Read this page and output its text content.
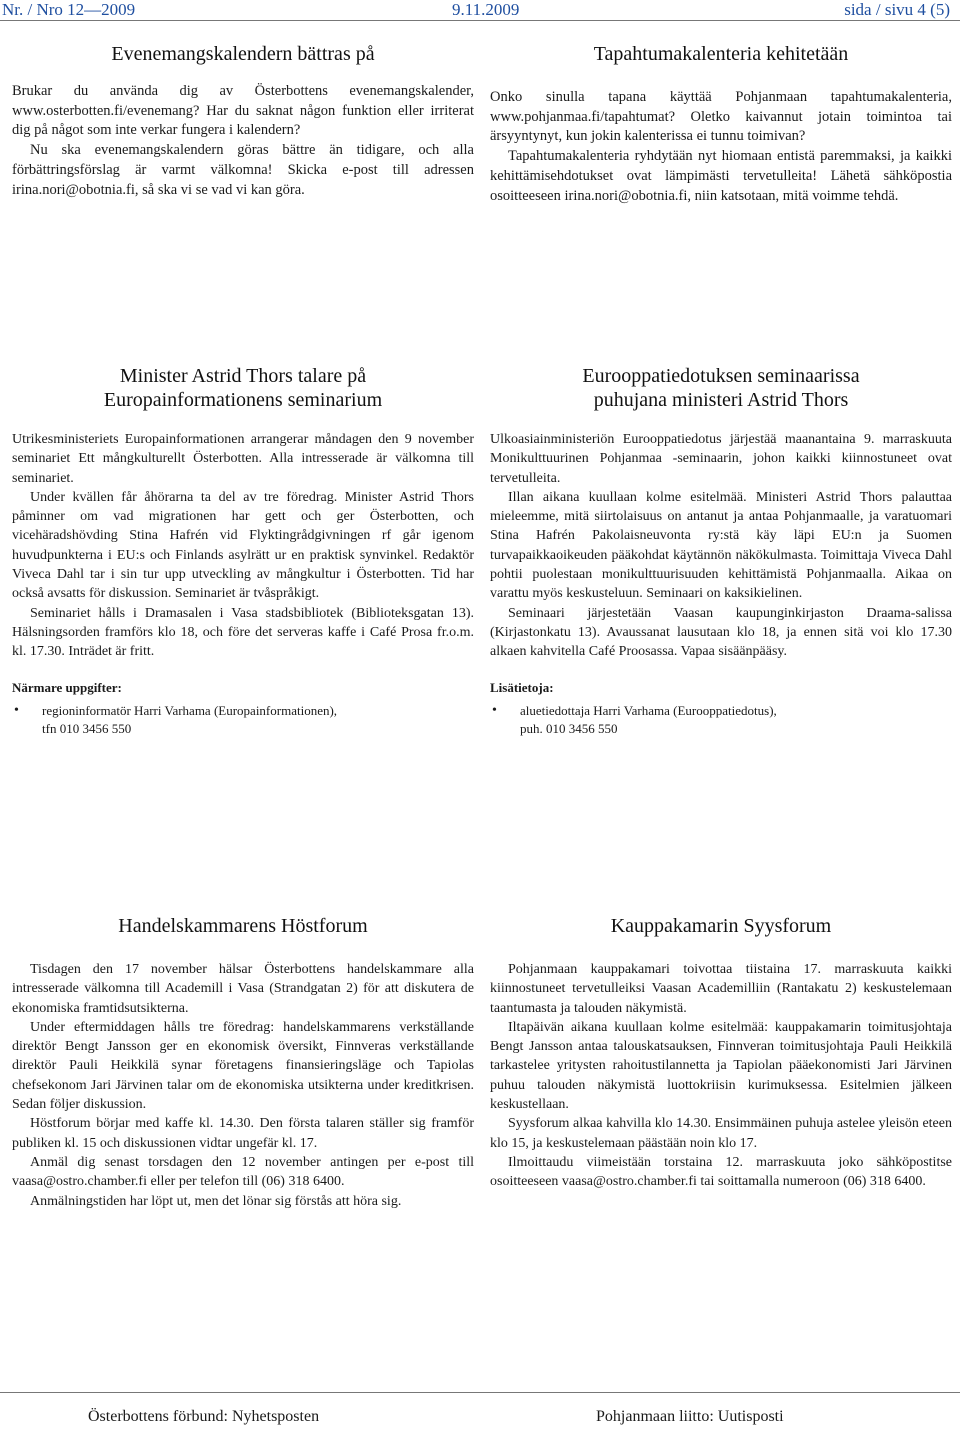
Nr. / Nro 12—2009	9.11.2009	sida / sivu 4 (5)
Evenemangskalendern bättras på

Brukar du använda dig av Österbottens evenemangskalender, www.osterbotten.fi/evenemang? Har du saknat någon funktion eller irriterat dig på något som inte verkar fungera i kalendern?

Nu ska evenemangskalendern göras bättre än tidigare, och alla förbättringsförslag är varmt välkomna! Skicka e-post till adressen irina.nori@obotnia.fi, så ska vi se vad vi kan göra.

Tapahtumakalenteria kehitetään

Onko sinulla tapana käyttää Pohjanmaan tapahtumakalenteria, www.pohjanmaa.fi/tapahtumat? Oletko kaivannut jotain toimintoa tai ärsyyntynyt, kun jokin kalenterissa ei tunnu toimivan?

Tapahtumakalenteria ryhdytään nyt hiomaan entistä paremmaksi, ja kaikki kehittämisehdotukset ovat lämpimästi tervetulleita! Lähetä sähköpostia osoitteeseen irina.nori@obotnia.fi, niin katsotaan, mitä voimme tehdä.

Minister Astrid Thors talare på
Europainformationens seminarium

Utrikesministeriets Europainformationen arrangerar måndagen den 9 november seminariet Ett mångkulturellt Österbotten. Alla intresserade är välkomna till seminariet.

Under kvällen får åhörarna ta del av tre föredrag. Minister Astrid Thors påminner om vad migrationen har gett och ger Österbotten, och vicehäradshövding Stina Hafrén vid Flyktingrådgivningen rf går igenom huvudpunkterna i EU:s och Finlands asylrätt ur en praktisk synvinkel. Redaktör Viveca Dahl tar i sin tur upp utveckling av mångkultur i Österbotten. Tid har också avsatts för diskussion. Seminariet är tvåspråkigt.

Seminariet hålls i Dramasalen i Vasa stadsbibliotek (Biblioteksgatan 13). Hälsningsorden framförs klo 18, och före det serveras kaffe i Café Prosa fr.o.m. kl. 17.30. Inträdet är fritt.

Närmare uppgifter:
• regioninformatör Harri Varhama (Europainformationen),
tfn 010 3456 550
Eurooppatiedotuksen seminaarissa
puhujana ministeri Astrid Thors

Ulkoasiainministeriön Eurooppatiedotus järjestää maanantaina 9. marraskuuta Monikulttuurinen Pohjanmaa -seminaarin, johon kaikki kiinnostuneet ovat tervetulleita.

Illan aikana kuullaan kolme esitelmää. Ministeri Astrid Thors palauttaa mieleemme, mitä siirtolaisuus on antanut ja antaa Pohjanmaalle, ja varatuomari Stina Hafrén Pakolaisneuvonta ry:stä käy läpi EU:n ja Suomen turvapaikkaoikeuden pääkohdat käytännön näkökulmasta. Toimittaja Viveca Dahl pohtii puolestaan monikulttuurisuuden kehittämistä Pohjanmaalla. Aikaa on varattu myös keskusteluun. Seminaari on kaksikielinen.

Seminaari järjestetään Vaasan kaupunginkirjaston Draama-salissa (Kirjastonkatu 13). Avaussanat lausutaan klo 18, ja ennen sitä voi klo 17.30 alkaen kahvitella Café Proosassa. Vapaa sisäänpääsy.

Lisätietoja:
• aluetiedottaja Harri Varhama (Eurooppatiedotus),
puh. 010 3456 550
Handelskammarens Höstforum

Tisdagen den 17 november hälsar Österbottens handelskammare alla intresserade välkomna till Academill i Vasa (Strandgatan 2) för att diskutera de ekonomiska framtidsutsikterna.

Under eftermiddagen hålls tre föredrag: handelskammarens verkställande direktör Bengt Jansson ger en ekonomisk översikt, Finnveras verkställande direktör Pauli Heikkilä synar företagens finansieringsläge och Tapiolas chefsekonom Jari Järvinen talar om de ekonomiska utsikterna under kreditkrisen. Sedan följer diskussion.

Höstforum börjar med kaffe kl. 14.30. Den första talaren ställer sig framför publiken kl. 15 och diskussionen vidtar ungefär kl. 17.

Anmäl dig senast torsdagen den 12 november antingen per e-post till vaasa@ostro.chamber.fi eller per telefon till (06) 318 6400.

Anmälningstiden har löpt ut, men det lönar sig förstås att höra sig.

Kauppakamarin Syysforum

Pohjanmaan kauppakamari toivottaa tiistaina 17. marraskuuta kaikki kiinnostuneet tervetulleiksi Vaasan Academilliin (Rantakatu 2) keskustelemaan taantumasta ja talouden näkymistä.

Iltapäivän aikana kuullaan kolme esitelmää: kauppakamarin toimitusjohtaja Bengt Jansson antaa talouskatsauksen, Finnveran toimitusjohtaja Pauli Heikkilä tarkastelee yritysten rahoitustilannetta ja Tapiolan pääekonomisti Jari Järvinen puhuu talouden näkymistä luottokriisin kurimuksessa. Esitelmien jälkeen keskustellaan.

Syysforum alkaa kahvilla klo 14.30. Ensimmäinen puhuja astelee yleisön eteen klo 15, ja keskustelemaan päästään noin klo 17.

Ilmoittaudu viimeistään torstaina 12. marraskuuta joko sähköpostitse osoitteeseen vaasa@ostro.chamber.fi tai soittamalla numeroon (06) 318 6400.

Österbottens förbund: Nyhetsposten	Pohjanmaan liitto: Uutisposti
